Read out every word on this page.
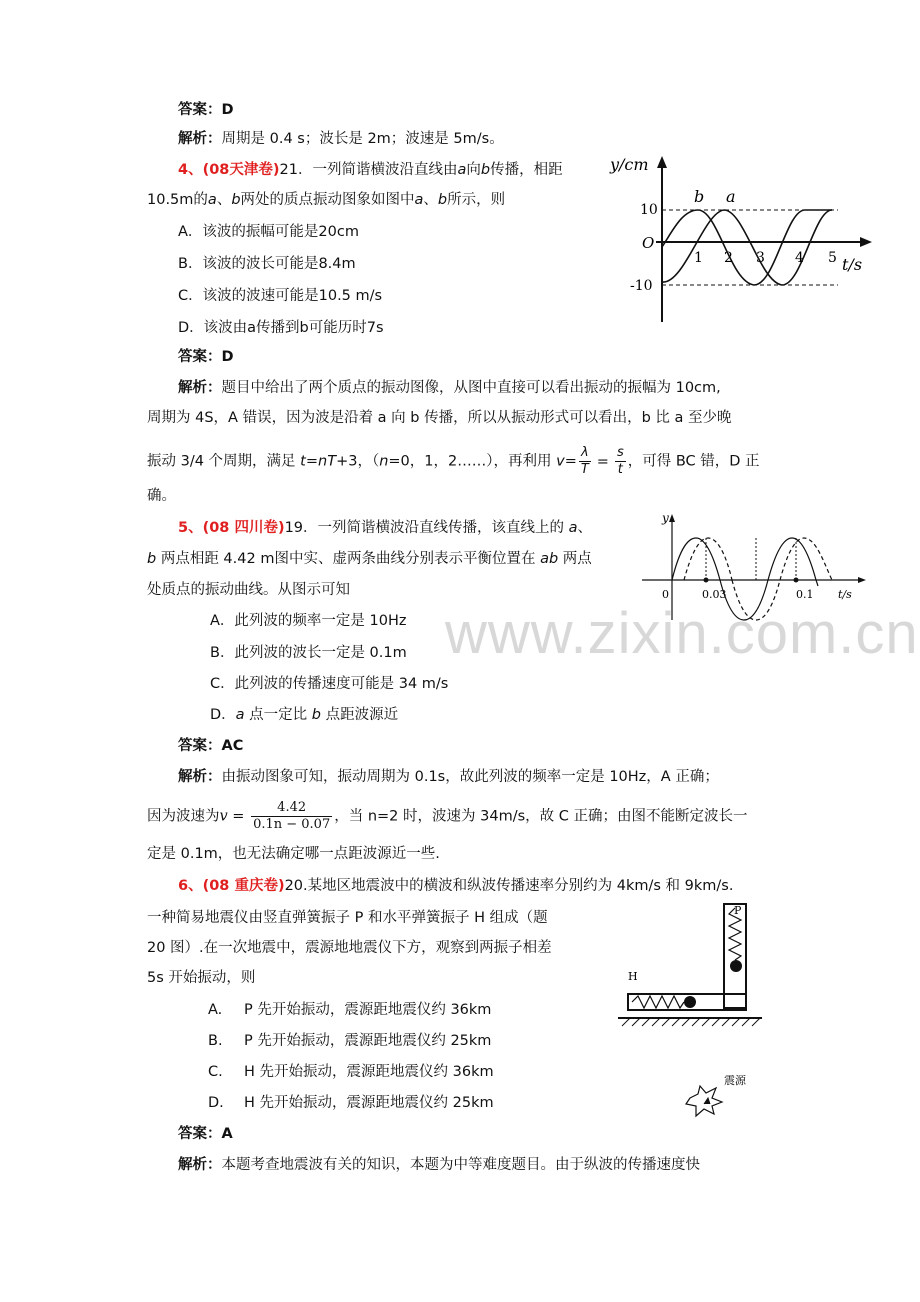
www.zixin.com.cn
答案：D
解析：周期是 0.4 s；波长是 2m；波速是 5m/s。
4、(08天津卷)21．一列简谐横波沿直线由a向b传播，相距
10.5m的a、b两处的质点振动图象如图中a、b所示，则
A．该波的振幅可能是20cm
B．该波的波长可能是8.4m
C．该波的波速可能是10.5 m/s
D．该波由a传播到b可能历时7s
答案：D
解析：题目中给出了两个质点的振动图像，从图中直接可以看出振动的振幅为 10cm,
周期为 4S，A 错误，因为波是沿着 a 向 b 传播，所以从振动形式可以看出，b 比 a 至少晚
振动 3/4 个周期，满足 t=nT+3，（n=0，1，2……），再利用 $v= \frac{\lambda}{T} = \frac{s}{t}$ ，可得 BC 错，D 正
确。
y/cm
t/s
O
10
-10
1 2 3 4 5
b a
5、(08 四川卷)19．一列简谐横波沿直线传播，该直线上的 a、
b 两点相距 4.42 m图中实、虚两条曲线分别表示平衡位置在 ab 两点
处质点的振动曲线。从图示可知
A．此列波的频率一定是 10Hz
B．此列波的波长一定是 0.1m
C．此列波的传播速度可能是 34 m/s
D．a 点一定比 b 点距波源近
答案：AC
解析：由振动图象可知，振动周期为 0.1s，故此列波的频率一定是 10Hz，A 正确；
因为波速为$v = \frac{4.42}{0.1n - 0.07}$ ，当 n=2 时，波速为 34m/s，故 C 正确；由图不能断定波长一
定是 0.1m，也无法确定哪一点距波源近一些.
y
0	0.03	0.1 t/s
6、(08 重庆卷)20.某地区地震波中的横波和纵波传播速率分别约为 4km/s 和 9km/s.
一种简易地震仪由竖直弹簧振子 P 和水平弹簧振子 H 组成（题
20 图）.在一次地震中，震源地地震仪下方，观察到两振子相差
5s 开始振动，则
A. P 先开始振动，震源距地震仪约 36km
B. P 先开始振动，震源距地震仪约 25km
C. H 先开始振动，震源距地震仪约 36km
D. H 先开始振动，震源距地震仪约 25km
答案：A
解析：本题考查地震波有关的知识，本题为中等难度题目。由于纵波的传播速度快
P
H
震源
